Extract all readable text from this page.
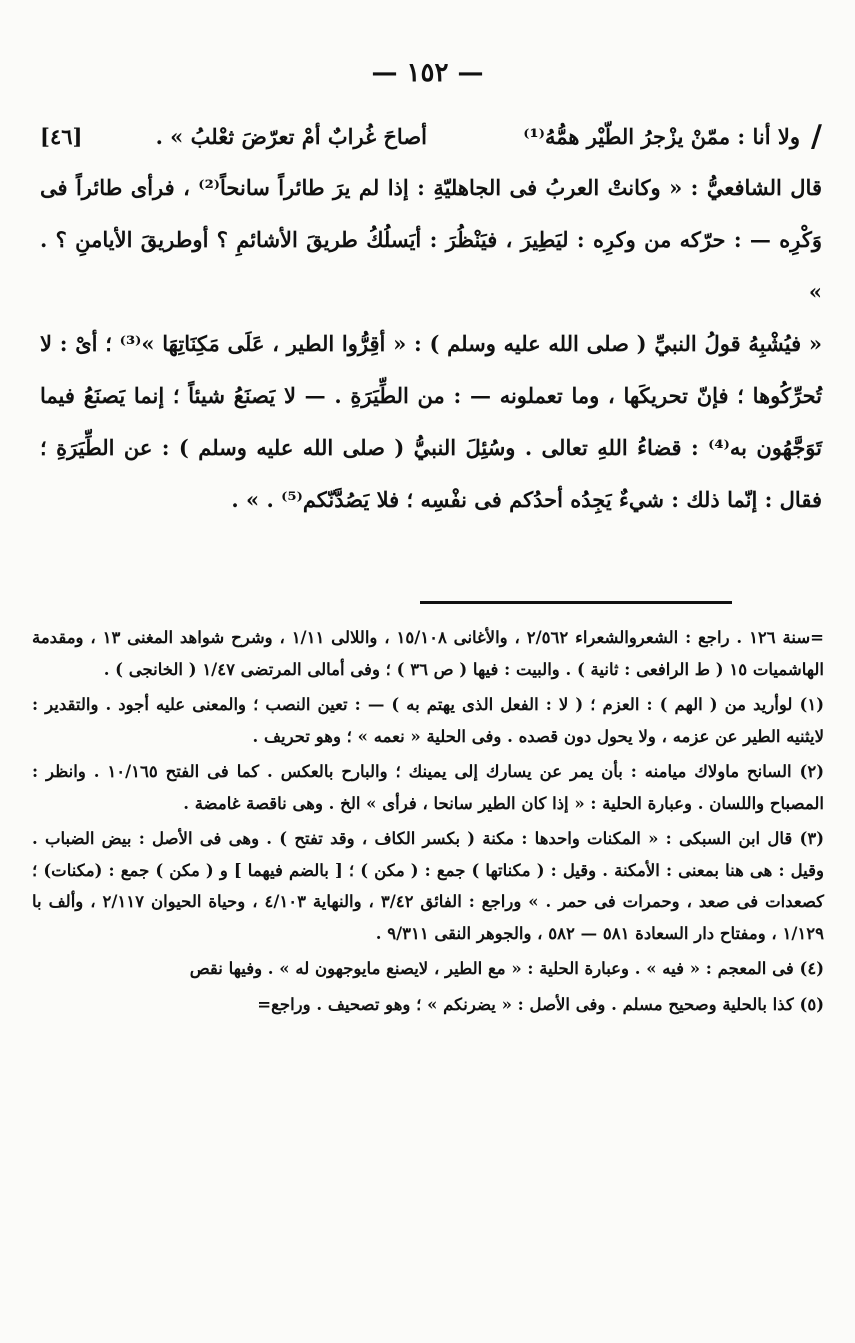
— ١٥٢ —
/
ولا أنا : ممّنْ يزْجرُ الطّيْر همُّهُ⁽¹⁾
أصاحَ غُرابٌ أمْ تعرّضَ ثعْلبُ » .
[٤٦]

قال الشافعيُّ : « وكانتْ العربُ فى الجاهليّةِ : إذا لم يرَ طائراً سانحاً⁽²⁾ ، فرأى طائراً فى وَكْرِه — : حرّكه من وكرِه : ليَطِيرَ ، فيَنْظُرَ : أيَسلُكُ طريقَ الأشائمِ ؟ أوطريقَ الأيامنِ ؟ . »

« فيُشْبِهُ قولُ النبيِّ ( صلى الله عليه وسلم ) : « أقِرُّوا الطير ، عَلَى مَكِنَاتِهَا »⁽³⁾ ؛ أىْ : لا تُحرِّكُوها ؛ فإنّ تحريكَها ، وما تعملونه — : من الطِّيَرَةِ . — لا يَصنَعُ شيئاً ؛ إنما يَصنَعُ فيما تَوَجَّهُون به⁽⁴⁾ : قضاءُ اللهِ تعالى . وسُئِلَ النبيُّ ( صلى الله عليه وسلم ) : عن الطِّيَرَةِ ؛ فقال : إنّما ذلك : شيءٌ يَجِدُه أحدُكم فى نفْسِه ؛ فلا يَصُدَّنّكم⁽⁵⁾ . » .

=سنة ١٢٦ . راجع : الشعروالشعراء ٢/٥٦٢ ، والأغانى ١٥/١٠٨ ، واللالى ١/١١ ، وشرح شواهد المغنى ١٣ ، ومقدمة الهاشميات ١٥ ( ط الرافعى : ثانية ) . والبيت : فيها ( ص ٣٦ ) ؛ وفى أمالى المرتضى ١/٤٧ ( الخانجى ) .

(١) لوأريد من ( الهم ) : العزم ؛ ( لا : الفعل الذى يهتم به ) — : تعين النصب ؛ والمعنى عليه أجود . والتقدير : لايثنيه الطير عن عزمه ، ولا يحول دون قصده . وفى الحلية « نعمه » ؛ وهو تحريف .

(٢) السانح ماولاك ميامنه : بأن يمر عن يسارك إلى يمينك ؛ والبارح بالعكس . كما فى الفتح ١٠/١٦٥ . وانظر : المصباح واللسان . وعبارة الحلية : « إذا كان الطير سانحا ، فرأى » الخ . وهى ناقصة غامضة .

(٣) قال ابن السبكى : « المكنات واحدها : مكنة ( بكسر الكاف ، وقد تفتح ) . وهى فى الأصل : بيض الضباب . وقيل : هى هنا بمعنى : الأمكنة . وقيل : ( مكناتها ) جمع : ( مكن ) ؛ [ بالضم فيهما ] و ( مكن ) جمع : (مكنات) ؛ كصعدات فى صعد ، وحمرات فى حمر . » وراجع : الفائق ٣/٤٢ ، والنهاية ٤/١٠٣ ، وحياة الحيوان ٢/١١٧ ، وألف با ١/١٢٩ ، ومفتاح دار السعادة ٥٨١ — ٥٨٢ ، والجوهر النقى ٩/٣١١ .

(٤) فى المعجم : « فيه » . وعبارة الحلية : « مع الطير ، لايصنع مايوجهون له » . وفيها نقص

(٥) كذا بالحلية وصحيح مسلم . وفى الأصل : « يضرنكم » ؛ وهو تصحيف . وراجع=
